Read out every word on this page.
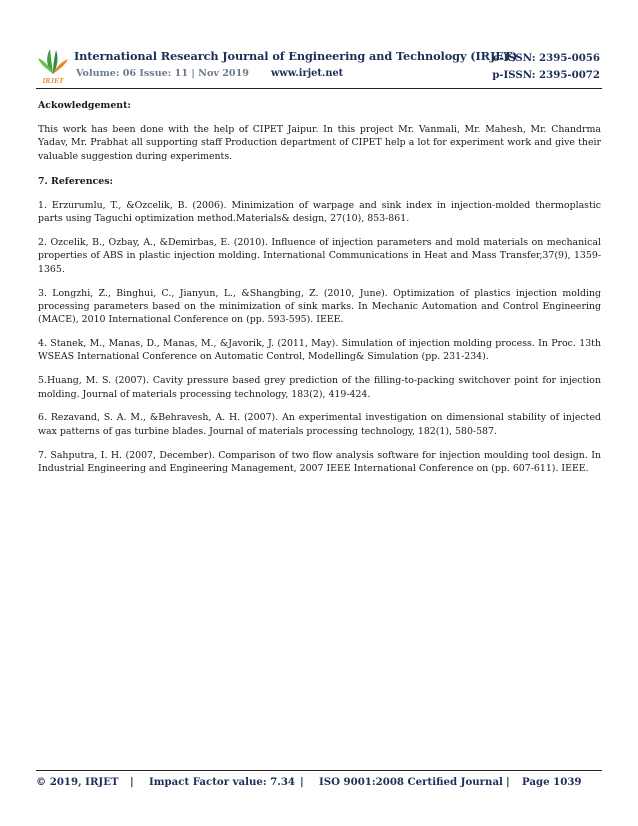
IRJET
International Research Journal of Engineering and Technology (IRJET)
e-ISSN: 2395-0056
Volume: 06 Issue: 11 | Nov 2019 www.irjet.net	p-ISSN: 2395-0072
Ackowledgement:

This work has been done with the help of CIPET Jaipur. In this project Mr. Vanmali, Mr. Mahesh, Mr. Chandrma Yadav, Mr. Prabhat all supporting staff Production department of CIPET help a lot for experiment work and give their valuable suggestion during experiments.

7. References:

1. Erzurumlu, T., &Ozcelik, B. (2006). Minimization of warpage and sink index in injection-molded thermoplastic parts using Taguchi optimization method.Materials& design, 27(10), 853-861.

2. Ozcelik, B., Ozbay, A., &Demirbas, E. (2010). Influence of injection parameters and mold materials on mechanical properties of ABS in plastic injection molding. International Communications in Heat and Mass Transfer,37(9), 1359-1365.

3. Longzhi, Z., Binghui, C., Jianyun, L., &Shangbing, Z. (2010, June). Optimization of plastics injection molding processing parameters based on the minimization of sink marks. In Mechanic Automation and Control Engineering (MACE), 2010 International Conference on (pp. 593-595). IEEE.

4. Stanek, M., Manas, D., Manas, M., &Javorik, J. (2011, May). Simulation of injection molding process. In Proc. 13th WSEAS International Conference on Automatic Control, Modelling& Simulation (pp. 231-234).

5.Huang, M. S. (2007). Cavity pressure based grey prediction of the filling-to-packing switchover point for injection molding. Journal of materials processing technology, 183(2), 419-424.

6. Rezavand, S. A. M., &Behravesh, A. H. (2007). An experimental investigation on dimensional stability of injected wax patterns of gas turbine blades. Journal of materials processing technology, 182(1), 580-587.

7. Sahputra, I. H. (2007, December). Comparison of two flow analysis software for injection moulding tool design. In Industrial Engineering and Engineering Management, 2007 IEEE International Conference on (pp. 607-611). IEEE.

© 2019, IRJET | Impact Factor value: 7.34 | ISO 9001:2008 Certified Journal | Page 1039
